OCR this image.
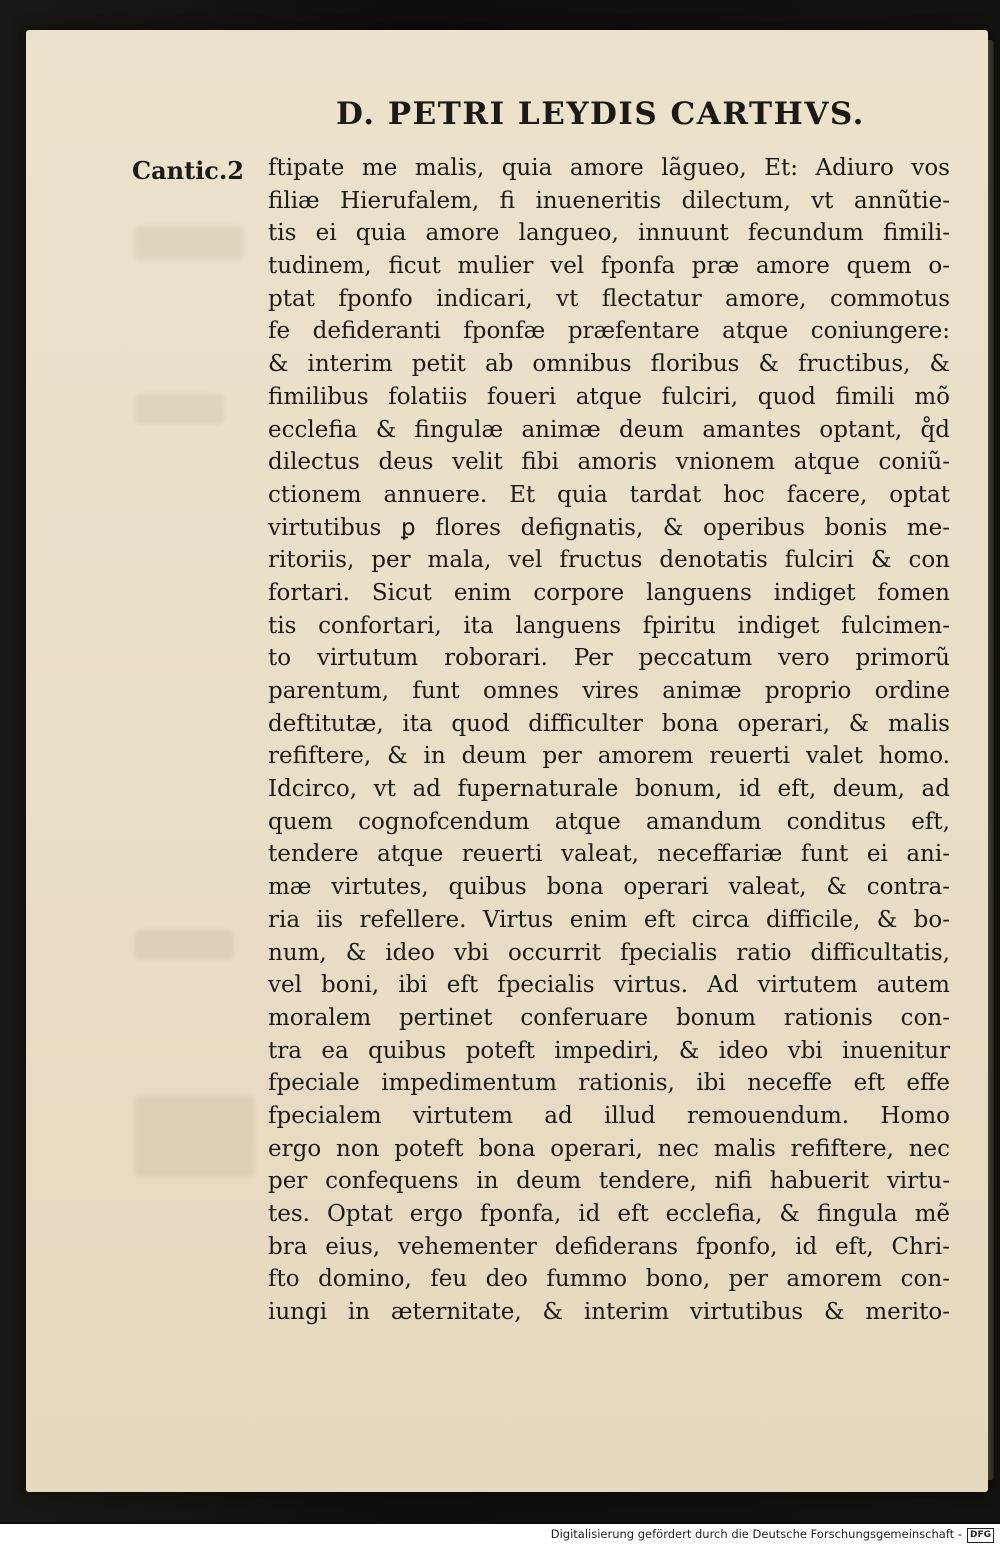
D. PETRI LEYDIS CARTHVS.
Cantic.2 ftipate me malis, quia amore lãgueo, Et: Adiuro vos
filiæ Hierufalem, fi inueneritis dilectum, vt annũtie-
tis ei quia amore langueo, innuunt fecundum fimili-
tudinem, ficut mulier vel fponfa præ amore quem o-
ptat fponfo indicari, vt flectatur amore, commotus
fe defideranti fponfæ præfentare atque coniungere:
& interim petit ab omnibus floribus & fructibus, &
fimilibus folatiis foueri atque fulciri, quod fimili mõ
ecclefia & fingulæ animæ deum amantes optant, q̊d
dilectus deus velit fibi amoris vnionem atque coniũ-
ctionem annuere. Et quia tardat hoc facere, optat
virtutibus ꝑ flores defignatis, & operibus bonis me-
ritoriis, per mala, vel fructus denotatis fulciri & con
fortari. Sicut enim corpore languens indiget fomen
tis confortari, ita languens fpiritu indiget fulcimen-
to virtutum roborari. Per peccatum vero primorũ
parentum, funt omnes vires animæ proprio ordine
deftitutæ, ita quod difficulter bona operari, & malis
refiftere, & in deum per amorem reuerti valet homo.
Idcirco, vt ad fupernaturale bonum, id eft, deum, ad
quem cognofcendum atque amandum conditus eft,
tendere atque reuerti valeat, neceffariæ funt ei ani-
mæ virtutes, quibus bona operari valeat, & contra-
ria iis refellere. Virtus enim eft circa difficile, & bo-
num, & ideo vbi occurrit fpecialis ratio difficultatis,
vel boni, ibi eft fpecialis virtus. Ad virtutem autem
moralem pertinet conferuare bonum rationis con-
tra ea quibus poteft impediri, & ideo vbi inuenitur
fpeciale impedimentum rationis, ibi neceffe eft effe
fpecialem virtutem ad illud remouendum. Homo
ergo non poteft bona operari, nec malis refiftere, nec
per confequens in deum tendere, nifi habuerit virtu-
tes. Optat ergo fponfa, id eft ecclefia, & fingula mẽ
bra eius, vehementer defiderans fponfo, id eft, Chri-
fto domino, feu deo fummo bono, per amorem con-
iungi in æternitate, & interim virtutibus & merito-
Digitalisierung gefördert durch die Deutsche Forschungsgemeinschaft - DFG
